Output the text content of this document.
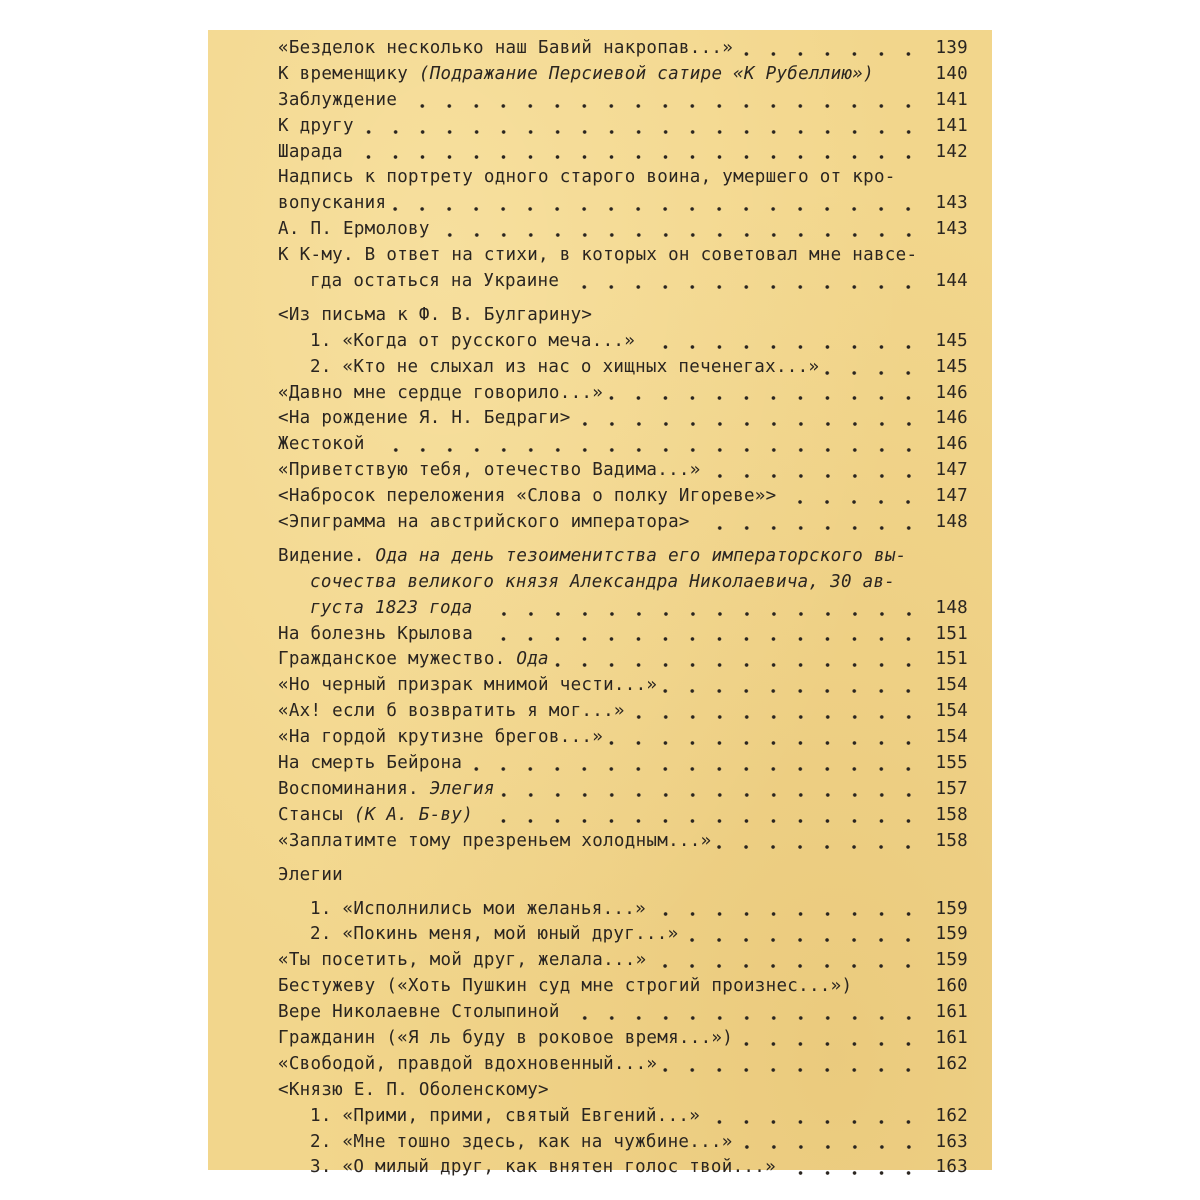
«Безделок несколько наш Бавий накропав...»	139
К временщику (Подражание Персиевой сатире «К Рубеллию»)	140
Заблуждение	141
К другу	141
Шарада	142
Надпись к портрету одного старого воина, умершего от кро-
вопускания	143
А. П. Ермолову	143
К К-му. В ответ на стихи, в которых он советовал мне навсе-
гда остаться на Украине	144
<Из письма к Ф. В. Булгарину>
1. «Когда от русского меча...»	145
2. «Кто не слыхал из нас о хищных печенегах...»	145
«Давно мне сердце говорило...»	146
<На рождение Я. Н. Бедраги>	146
Жестокой	146
«Приветствую тебя, отечество Вадима...»	147
<Набросок переложения «Слова о полку Игореве»>	147
<Эпиграмма на австрийского императора>	148
Видение. Ода на день тезоименитства его императорского вы-
сочества великого князя Александра Николаевича, 30 ав-
густа 1823 года	148
На болезнь Крылова	151
Гражданское мужество. Ода	151
«Но черный призрак мнимой чести...»	154
«Ах! если б возвратить я мог...»	154
«На гордой крутизне брегов...»	154
На смерть Бейрона	155
Воспоминания. Элегия	157
Стансы (К А. Б-ву)	158
«Заплатимте тому презреньем холодным...»	158
Элегии
1. «Исполнились мои желанья...»	159
2. «Покинь меня, мой юный друг...»	159
«Ты посетить, мой друг, желала...»	159
Бестужеву («Хоть Пушкин суд мне строгий произнес...»)	160
Вере Николаевне Столыпиной	161
Гражданин («Я ль буду в роковое время...»)	161
«Свободой, правдой вдохновенный...»	162
<Князю Е. П. Оболенскому>
1. «Прими, прими, святый Евгений...»	162
2. «Мне тошно здесь, как на чужбине...»	163
3. «О милый друг, как внятен голос твой...»	163
